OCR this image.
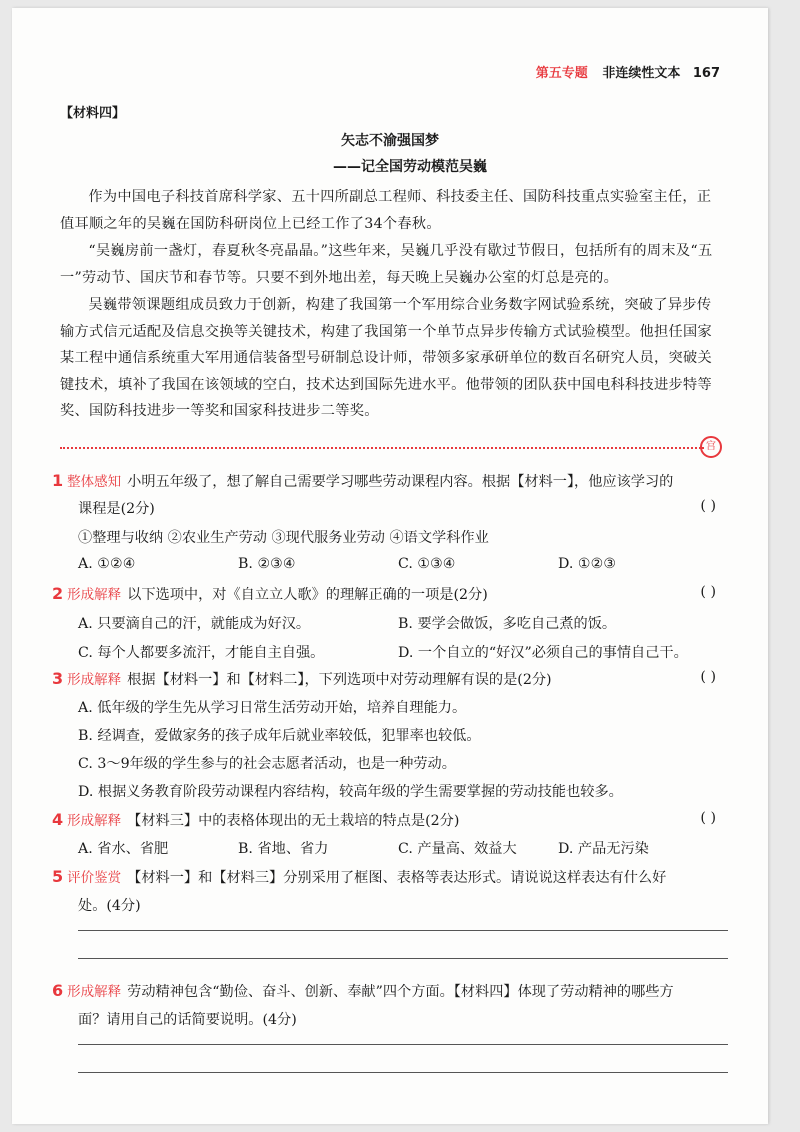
第五专题 非连续性文本 167
【材料四】
矢志不渝强国梦
——记全国劳动模范吴巍
作为中国电子科技首席科学家、五十四所副总工程师、科技委主任、国防科技重点实验室主任，正值耳顺之年的吴巍在国防科研岗位上已经工作了34个春秋。
“吴巍房前一盏灯，春夏秋冬亮晶晶。”这些年来，吴巍几乎没有歇过节假日，包括所有的周末及“五一”劳动节、国庆节和春节等。只要不到外地出差，每天晚上吴巍办公室的灯总是亮的。
吴巍带领课题组成员致力于创新，构建了我国第一个军用综合业务数字网试验系统，突破了异步传输方式信元适配及信息交换等关键技术，构建了我国第一个单节点异步传输方式试验模型。他担任国家某工程中通信系统重大军用通信装备型号研制总设计师，带领多家承研单位的数百名研究人员，突破关键技术，填补了我国在该领域的空白，技术达到国际先进水平。他带领的团队获中国电科科技进步特等奖、国防科技进步一等奖和国家科技进步二等奖。
宫
1 整体感知 小明五年级了，想了解自己需要学习哪些劳动课程内容。根据【材料一】，他应该学习的
课程是(2分)	( )
①整理与收纳 ②农业生产劳动 ③现代服务业劳动 ④语文学科作业
A. ①②④	B. ②③④	C. ①③④	D. ①②③
2 形成解释 以下选项中，对《自立立人歌》的理解正确的一项是(2分)	( )
A. 只要滴自己的汗，就能成为好汉。	B. 要学会做饭，多吃自己煮的饭。
C. 每个人都要多流汗，才能自主自强。	D. 一个自立的“好汉”必须自己的事情自己干。
3 形成解释 根据【材料一】和【材料二】，下列选项中对劳动理解有误的是(2分)	( )
A. 低年级的学生先从学习日常生活劳动开始，培养自理能力。
B. 经调查，爱做家务的孩子成年后就业率较低，犯罪率也较低。
C. 3～9年级的学生参与的社会志愿者活动，也是一种劳动。
D. 根据义务教育阶段劳动课程内容结构，较高年级的学生需要掌握的劳动技能也较多。
4 形成解释 【材料三】中的表格体现出的无土栽培的特点是(2分)	( )
A. 省水、省肥	B. 省地、省力	C. 产量高、效益大	D. 产品无污染
5 评价鉴赏 【材料一】和【材料三】分别采用了框图、表格等表达形式。请说说这样表达有什么好
处。(4分)
6 形成解释 劳动精神包含“勤俭、奋斗、创新、奉献”四个方面。【材料四】体现了劳动精神的哪些方
面？请用自己的话简要说明。(4分)
